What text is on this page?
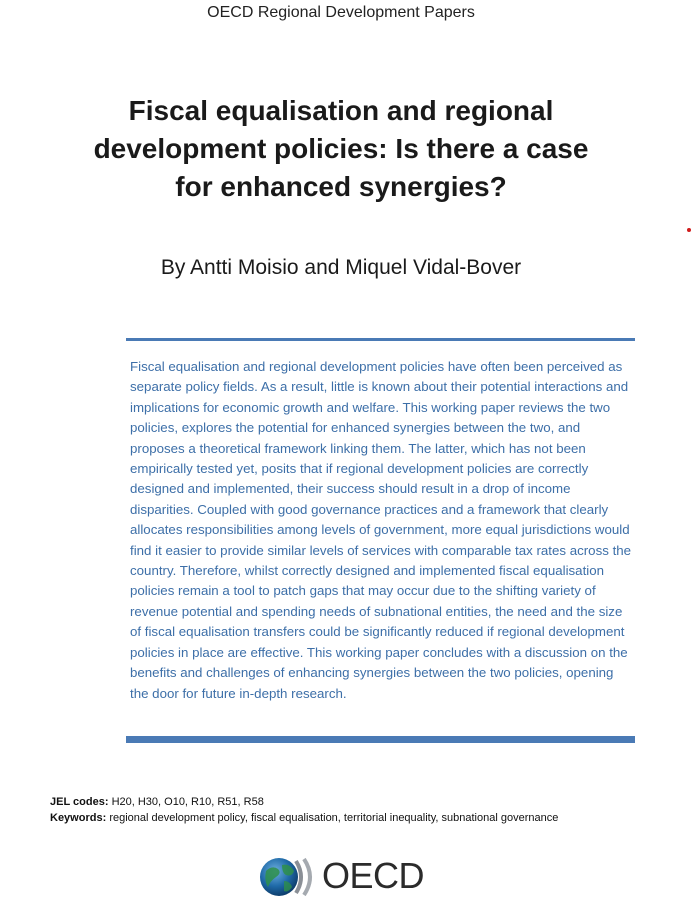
OECD Regional Development Papers
Fiscal equalisation and regional
development policies: Is there a case
for enhanced synergies?
By Antti Moisio and Miquel Vidal-Bover
Fiscal equalisation and regional development policies have often been perceived as separate policy fields. As a result, little is known about their potential interactions and implications for economic growth and welfare. This working paper reviews the two policies, explores the potential for enhanced synergies between the two, and proposes a theoretical framework linking them. The latter, which has not been empirically tested yet, posits that if regional development policies are correctly designed and implemented, their success should result in a drop of income disparities. Coupled with good governance practices and a framework that clearly allocates responsibilities among levels of government, more equal jurisdictions would find it easier to provide similar levels of services with comparable tax rates across the country. Therefore, whilst correctly designed and implemented fiscal equalisation policies remain a tool to patch gaps that may occur due to the shifting variety of revenue potential and spending needs of subnational entities, the need and the size of fiscal equalisation transfers could be significantly reduced if regional development policies in place are effective. This working paper concludes with a discussion on the benefits and challenges of enhancing synergies between the two policies, opening the door for future in-depth research.
JEL codes: H20, H30, O10, R10, R51, R58
Keywords: regional development policy, fiscal equalisation, territorial inequality, subnational governance
OECD
